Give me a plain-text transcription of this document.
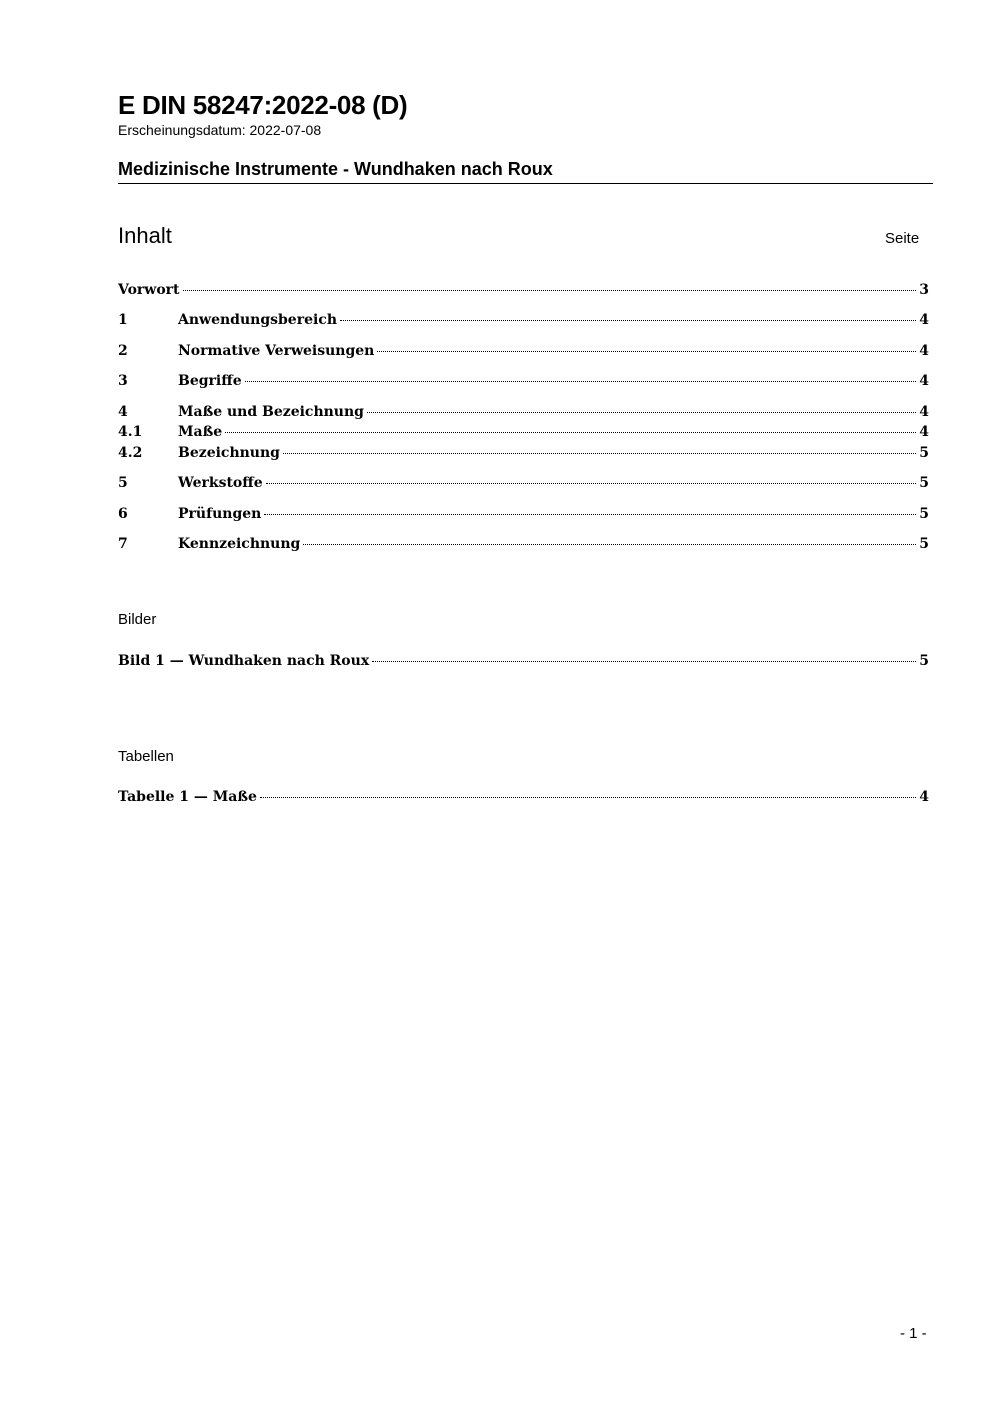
E DIN 58247:2022-08 (D)
Erscheinungsdatum: 2022-07-08
Medizinische Instrumente - Wundhaken nach Roux
Inhalt	Seite
Vorwort	3
1	Anwendungsbereich	4
2	Normative Verweisungen	4
3	Begriffe	4
4	Maße und Bezeichnung	4
4.1	Maße	4
4.2	Bezeichnung	5
5	Werkstoffe	5
6	Prüfungen	5
7	Kennzeichnung	5
Bilder
Bild 1 — Wundhaken nach Roux	5
Tabellen
Tabelle 1 — Maße	4
- 1 -
